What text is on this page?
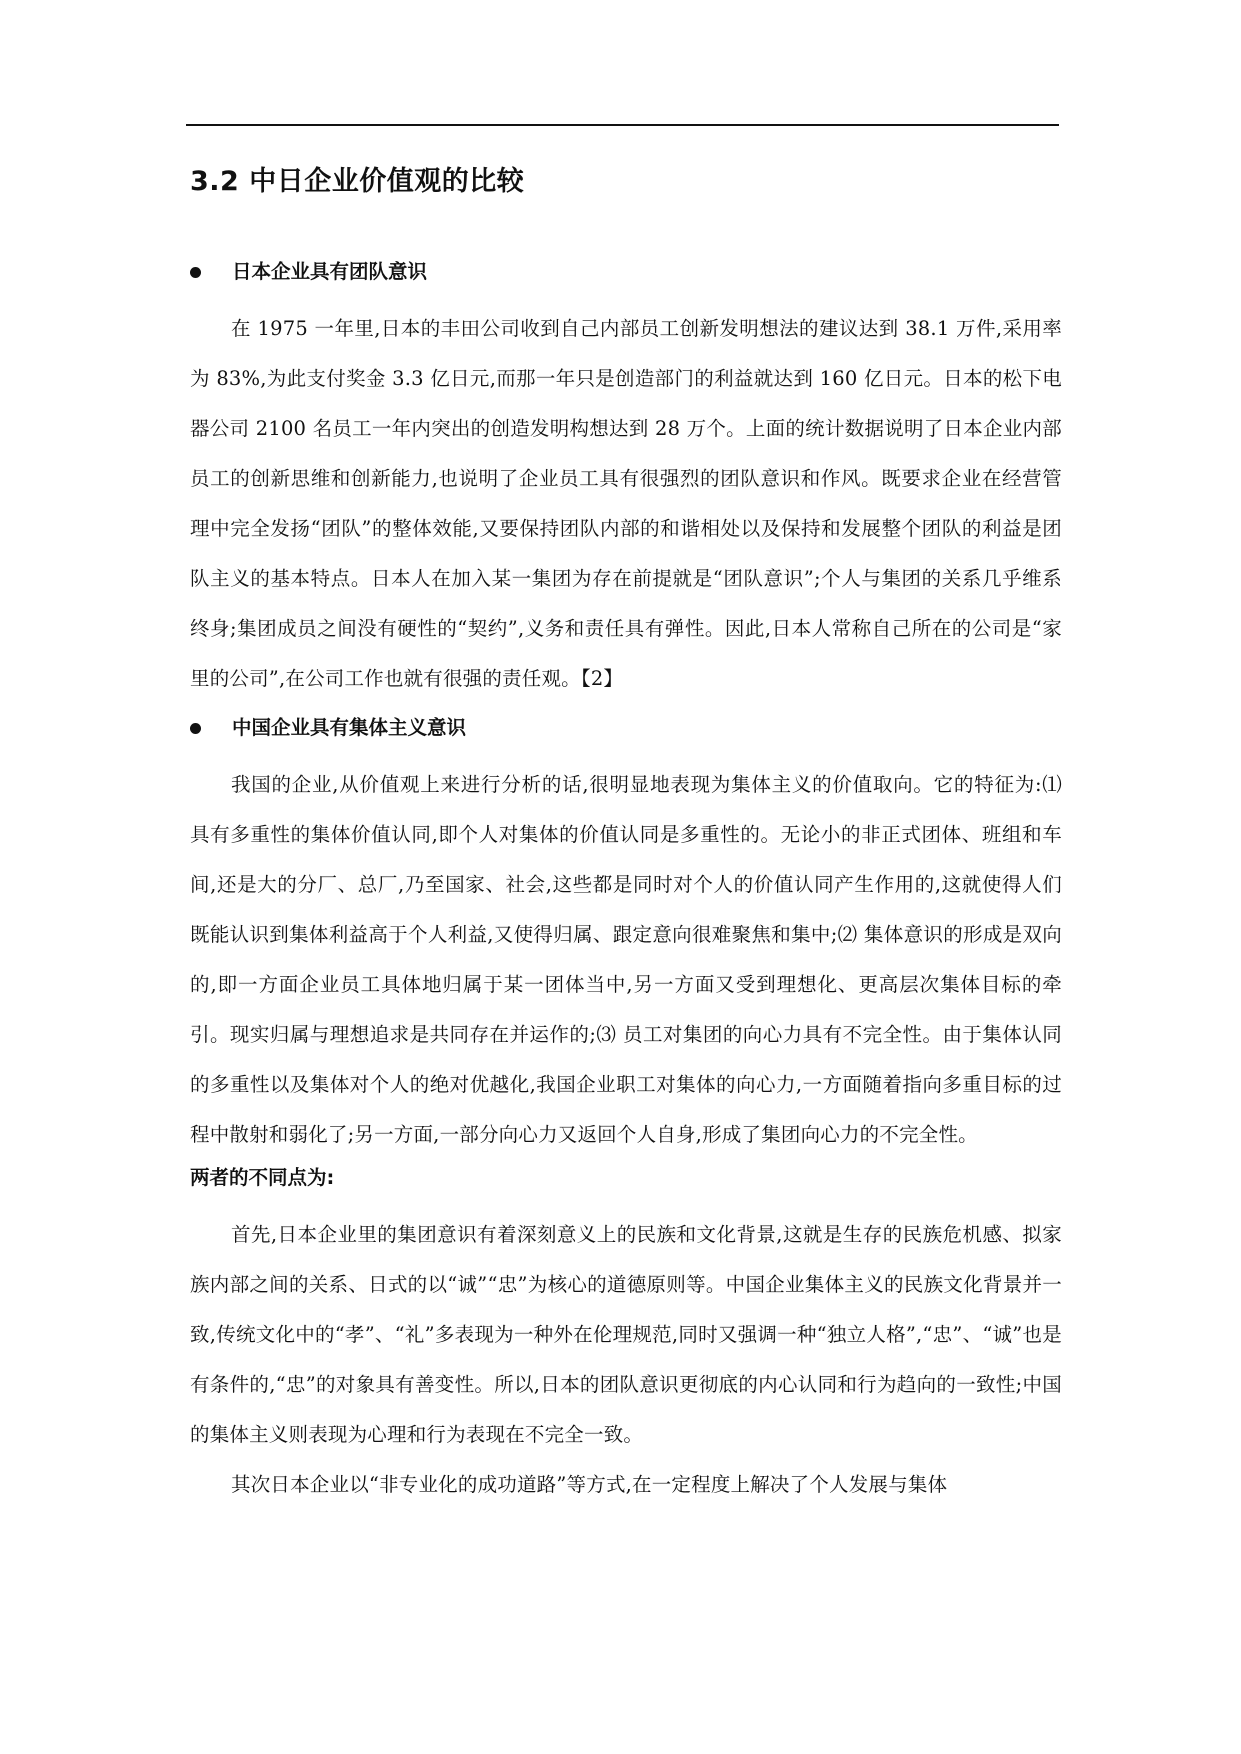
3.2 中日企业价值观的比较
日本企业具有团队意识

在 1975 一年里,日本的丰田公司收到自己内部员工创新发明想法的建议达到 38.1 万件,采用率为 83%,为此支付奖金 3.3 亿日元,而那一年只是创造部门的利益就达到 160 亿日元。日本的松下电器公司 2100 名员工一年内突出的创造发明构想达到 28 万个。上面的统计数据说明了日本企业内部员工的创新思维和创新能力,也说明了企业员工具有很强烈的团队意识和作风。既要求企业在经营管理中完全发扬“团队”的整体效能,又要保持团队内部的和谐相处以及保持和发展整个团队的利益是团队主义的基本特点。日本人在加入某一集团为存在前提就是“团队意识”;个人与集团的关系几乎维系终身;集团成员之间没有硬性的“契约”,义务和责任具有弹性。因此,日本人常称自己所在的公司是“家里的公司”,在公司工作也就有很强的责任观。【2】

中国企业具有集体主义意识

我国的企业,从价值观上来进行分析的话,很明显地表现为集体主义的价值取向。它的特征为:⑴ 具有多重性的集体价值认同,即个人对集体的价值认同是多重性的。无论小的非正式团体、班组和车间,还是大的分厂、总厂,乃至国家、社会,这些都是同时对个人的价值认同产生作用的,这就使得人们既能认识到集体利益高于个人利益,又使得归属、跟定意向很难聚焦和集中;⑵ 集体意识的形成是双向的,即一方面企业员工具体地归属于某一团体当中,另一方面又受到理想化、更高层次集体目标的牵引。现实归属与理想追求是共同存在并运作的;⑶ 员工对集团的向心力具有不完全性。由于集体认同的多重性以及集体对个人的绝对优越化,我国企业职工对集体的向心力,一方面随着指向多重目标的过程中散射和弱化了;另一方面,一部分向心力又返回个人自身,形成了集团向心力的不完全性。

两者的不同点为:

首先,日本企业里的集团意识有着深刻意义上的民族和文化背景,这就是生存的民族危机感、拟家族内部之间的关系、日式的以“诚”“忠”为核心的道德原则等。中国企业集体主义的民族文化背景并一致,传统文化中的“孝”、“礼”多表现为一种外在伦理规范,同时又强调一种“独立人格”,“忠”、“诚”也是有条件的,“忠”的对象具有善变性。所以,日本的团队意识更彻底的内心认同和行为趋向的一致性;中国的集体主义则表现为心理和行为表现在不完全一致。

其次日本企业以“非专业化的成功道路”等方式,在一定程度上解决了个人发展与集体
